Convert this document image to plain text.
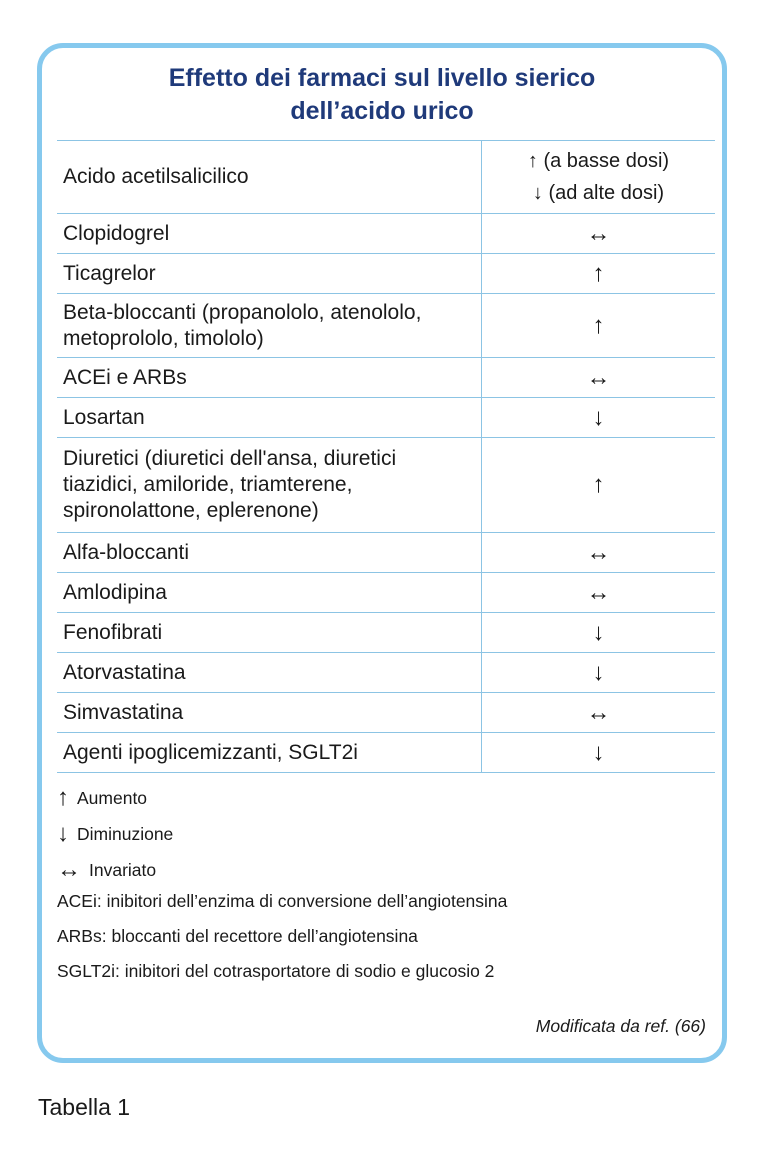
Effetto dei farmaci sul livello sierico
dell’acido urico
Acido acetilsalicilico	↑ (a basse dosi)
↓ (ad alte dosi)

Clopidogrel	↔
Ticagrelor	↑
Beta-bloccanti (propanololo, atenololo, metoprololo, timololo)	↑
ACEi e ARBs	↔
Losartan	↓
Diuretici (diuretici dell'ansa, diuretici tiazidici, amiloride, triamterene, spironolattone, eplerenone)	↑
Alfa-bloccanti	↔
Amlodipina	↔
Fenofibrati	↓
Atorvastatina	↓
Simvastatina	↔
Agenti ipoglicemizzanti, SGLT2i	↓
↑ Aumento
↓ Diminuzione
↔ Invariato
ACEi: inibitori dell’enzima di conversione dell’angiotensina
ARBs: bloccanti del recettore dell’angiotensina
SGLT2i: inibitori del cotrasportatore di sodio e glucosio 2
Modificata da ref. (66)
Tabella 1
